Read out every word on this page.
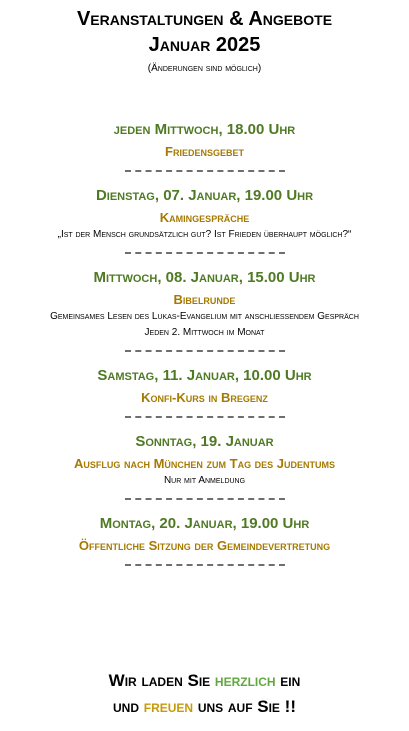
Veranstaltungen & Angebote
Januar 2025
(Änderungen sind möglich)
jeden Mittwoch, 18.00 Uhr
Friedensgebet
Dienstag, 07. Januar, 19.00 Uhr
Kamingespräche
„Ist der Mensch grundsätzlich gut? Ist Frieden überhaupt möglich?“
Mittwoch, 08. Januar, 15.00 Uhr
Bibelrunde
Gemeinsames Lesen des Lukas-Evangelium mit anschließendem Gespräch
Jeden 2. Mittwoch im Monat
Samstag, 11. Januar, 10.00 Uhr
Konfi-Kurs in Bregenz
Sonntag, 19. Januar
Ausflug nach München zum Tag des Judentums
Nur mit Anmeldung
Montag, 20. Januar, 19.00 Uhr
Öffentliche Sitzung der Gemeindevertretung
Wir laden Sie herzlich ein
und freuen uns auf Sie !!
